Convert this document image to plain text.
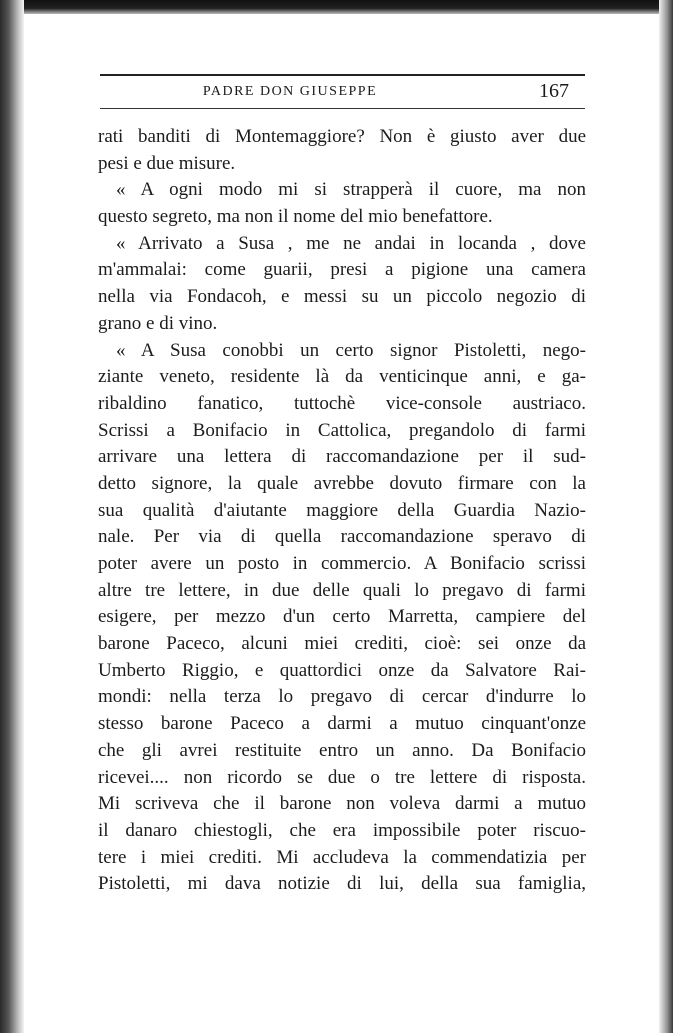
PADRE DON GIUSEPPE	167
rati banditi di Montemaggiore? Non è giusto aver due
pesi e due misure.
« A ogni modo mi si strapperà il cuore, ma non
questo segreto, ma non il nome del mio benefattore.
« Arrivato a Susa , me ne andai in locanda , dove
m'ammalai: come guarii, presi a pigione una camera
nella via Fondacoh, e messi su un piccolo negozio di
grano e di vino.
« A Susa conobbi un certo signor Pistoletti, nego-
ziante veneto, residente là da venticinque anni, e ga-
ribaldino fanatico, tuttochè vice-console austriaco.
Scrissi a Bonifacio in Cattolica, pregandolo di farmi
arrivare una lettera di raccomandazione per il sud-
detto signore, la quale avrebbe dovuto firmare con la
sua qualità d'aiutante maggiore della Guardia Nazio-
nale. Per via di quella raccomandazione speravo di
poter avere un posto in commercio. A Bonifacio scrissi
altre tre lettere, in due delle quali lo pregavo di farmi
esigere, per mezzo d'un certo Marretta, campiere del
barone Paceco, alcuni miei crediti, cioè: sei onze da
Umberto Riggio, e quattordici onze da Salvatore Rai-
mondi: nella terza lo pregavo di cercar d'indurre lo
stesso barone Paceco a darmi a mutuo cinquant'onze
che gli avrei restituite entro un anno. Da Bonifacio
ricevei.... non ricordo se due o tre lettere di risposta.
Mi scriveva che il barone non voleva darmi a mutuo
il danaro chiestogli, che era impossibile poter riscuo-
tere i miei crediti. Mi accludeva la commendatizia per
Pistoletti, mi dava notizie di lui, della sua famiglia,
